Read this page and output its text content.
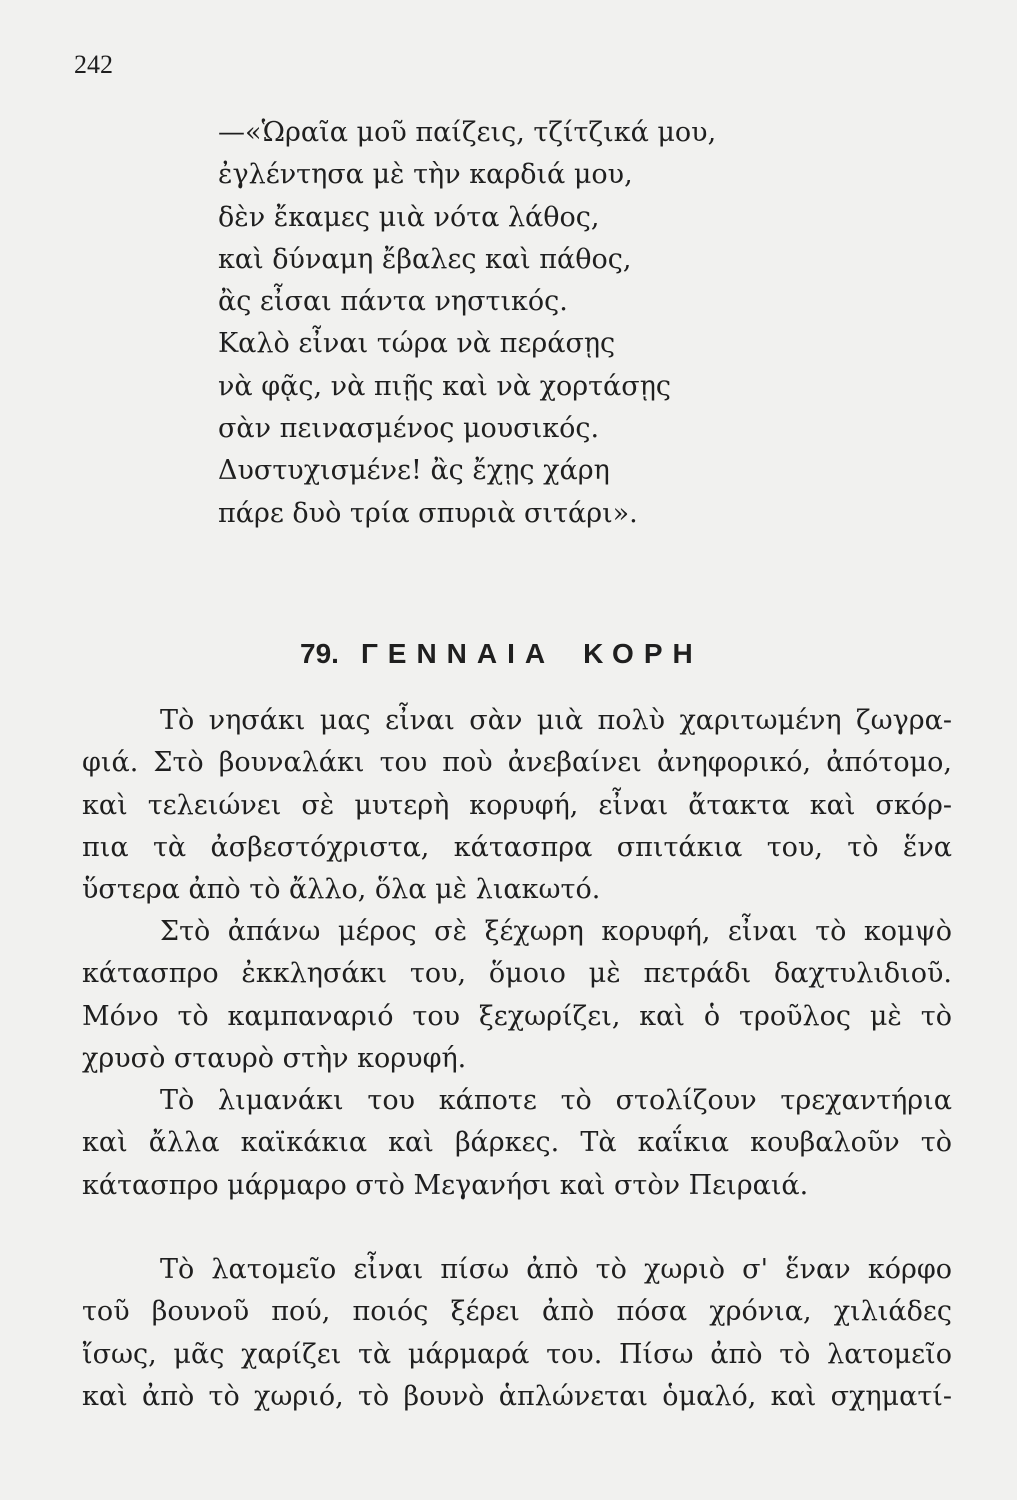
242
—«Ὡραῖα μοῦ παίζεις, τζίτζικά μου,
ἐγλέντησα μὲ τὴν καρδιά μου,
δὲν ἔκαμες μιὰ νότα λάθος,
καὶ δύναμη ἔβαλες καὶ πάθος,
ἂς εἶσαι πάντα νηστικός.
Καλὸ εἶναι τώρα νὰ περάσῃς
νὰ φᾷς, νὰ πιῇς καὶ νὰ χορτάσῃς
σὰν πεινασμένος μουσικός.
Δυστυχισμένε! ἂς ἔχῃς χάρη
πάρε δυὸ τρία σπυριὰ σιτάρι».
79. ΓΕΝΝΑΙΑ ΚΟΡΗ
Τὸ νησάκι μας εἶναι σὰν μιὰ πολὺ χαριτωμένη ζωγρα-
φιά. Στὸ βουναλάκι του ποὺ ἀνεβαίνει ἀνηφορικό, ἀπότομο,
καὶ τελειώνει σὲ μυτερὴ κορυφή, εἶναι ἄτακτα καὶ σκόρ-
πια τὰ ἀσβεστόχριστα, κάτασπρα σπιτάκια του, τὸ ἕνα
ὕστερα ἀπὸ τὸ ἄλλο, ὅλα μὲ λιακωτό.
Στὸ ἀπάνω μέρος σὲ ξέχωρη κορυφή, εἶναι τὸ κομψὸ
κάτασπρο ἐκκλησάκι του, ὅμοιο μὲ πετράδι δαχτυλιδιοῦ.
Μόνο τὸ καμπαναριό του ξεχωρίζει, καὶ ὁ τροῦλος μὲ τὸ
χρυσὸ σταυρὸ στὴν κορυφή.
Τὸ λιμανάκι του κάποτε τὸ στολίζουν τρεχαντήρια
καὶ ἄλλα καϊκάκια καὶ βάρκες. Τὰ καΐκια κουβαλοῦν τὸ
κάτασπρο μάρμαρο στὸ Μεγανήσι καὶ στὸν Πειραιά.
Τὸ λατομεῖο εἶναι πίσω ἀπὸ τὸ χωριὸ σ' ἕναν κόρφο
τοῦ βουνοῦ πού, ποιός ξέρει ἀπὸ πόσα χρόνια, χιλιάδες
ἴσως, μᾶς χαρίζει τὰ μάρμαρά του. Πίσω ἀπὸ τὸ λατομεῖο
καὶ ἀπὸ τὸ χωριό, τὸ βουνὸ ἁπλώνεται ὁμαλό, καὶ σχηματί-
